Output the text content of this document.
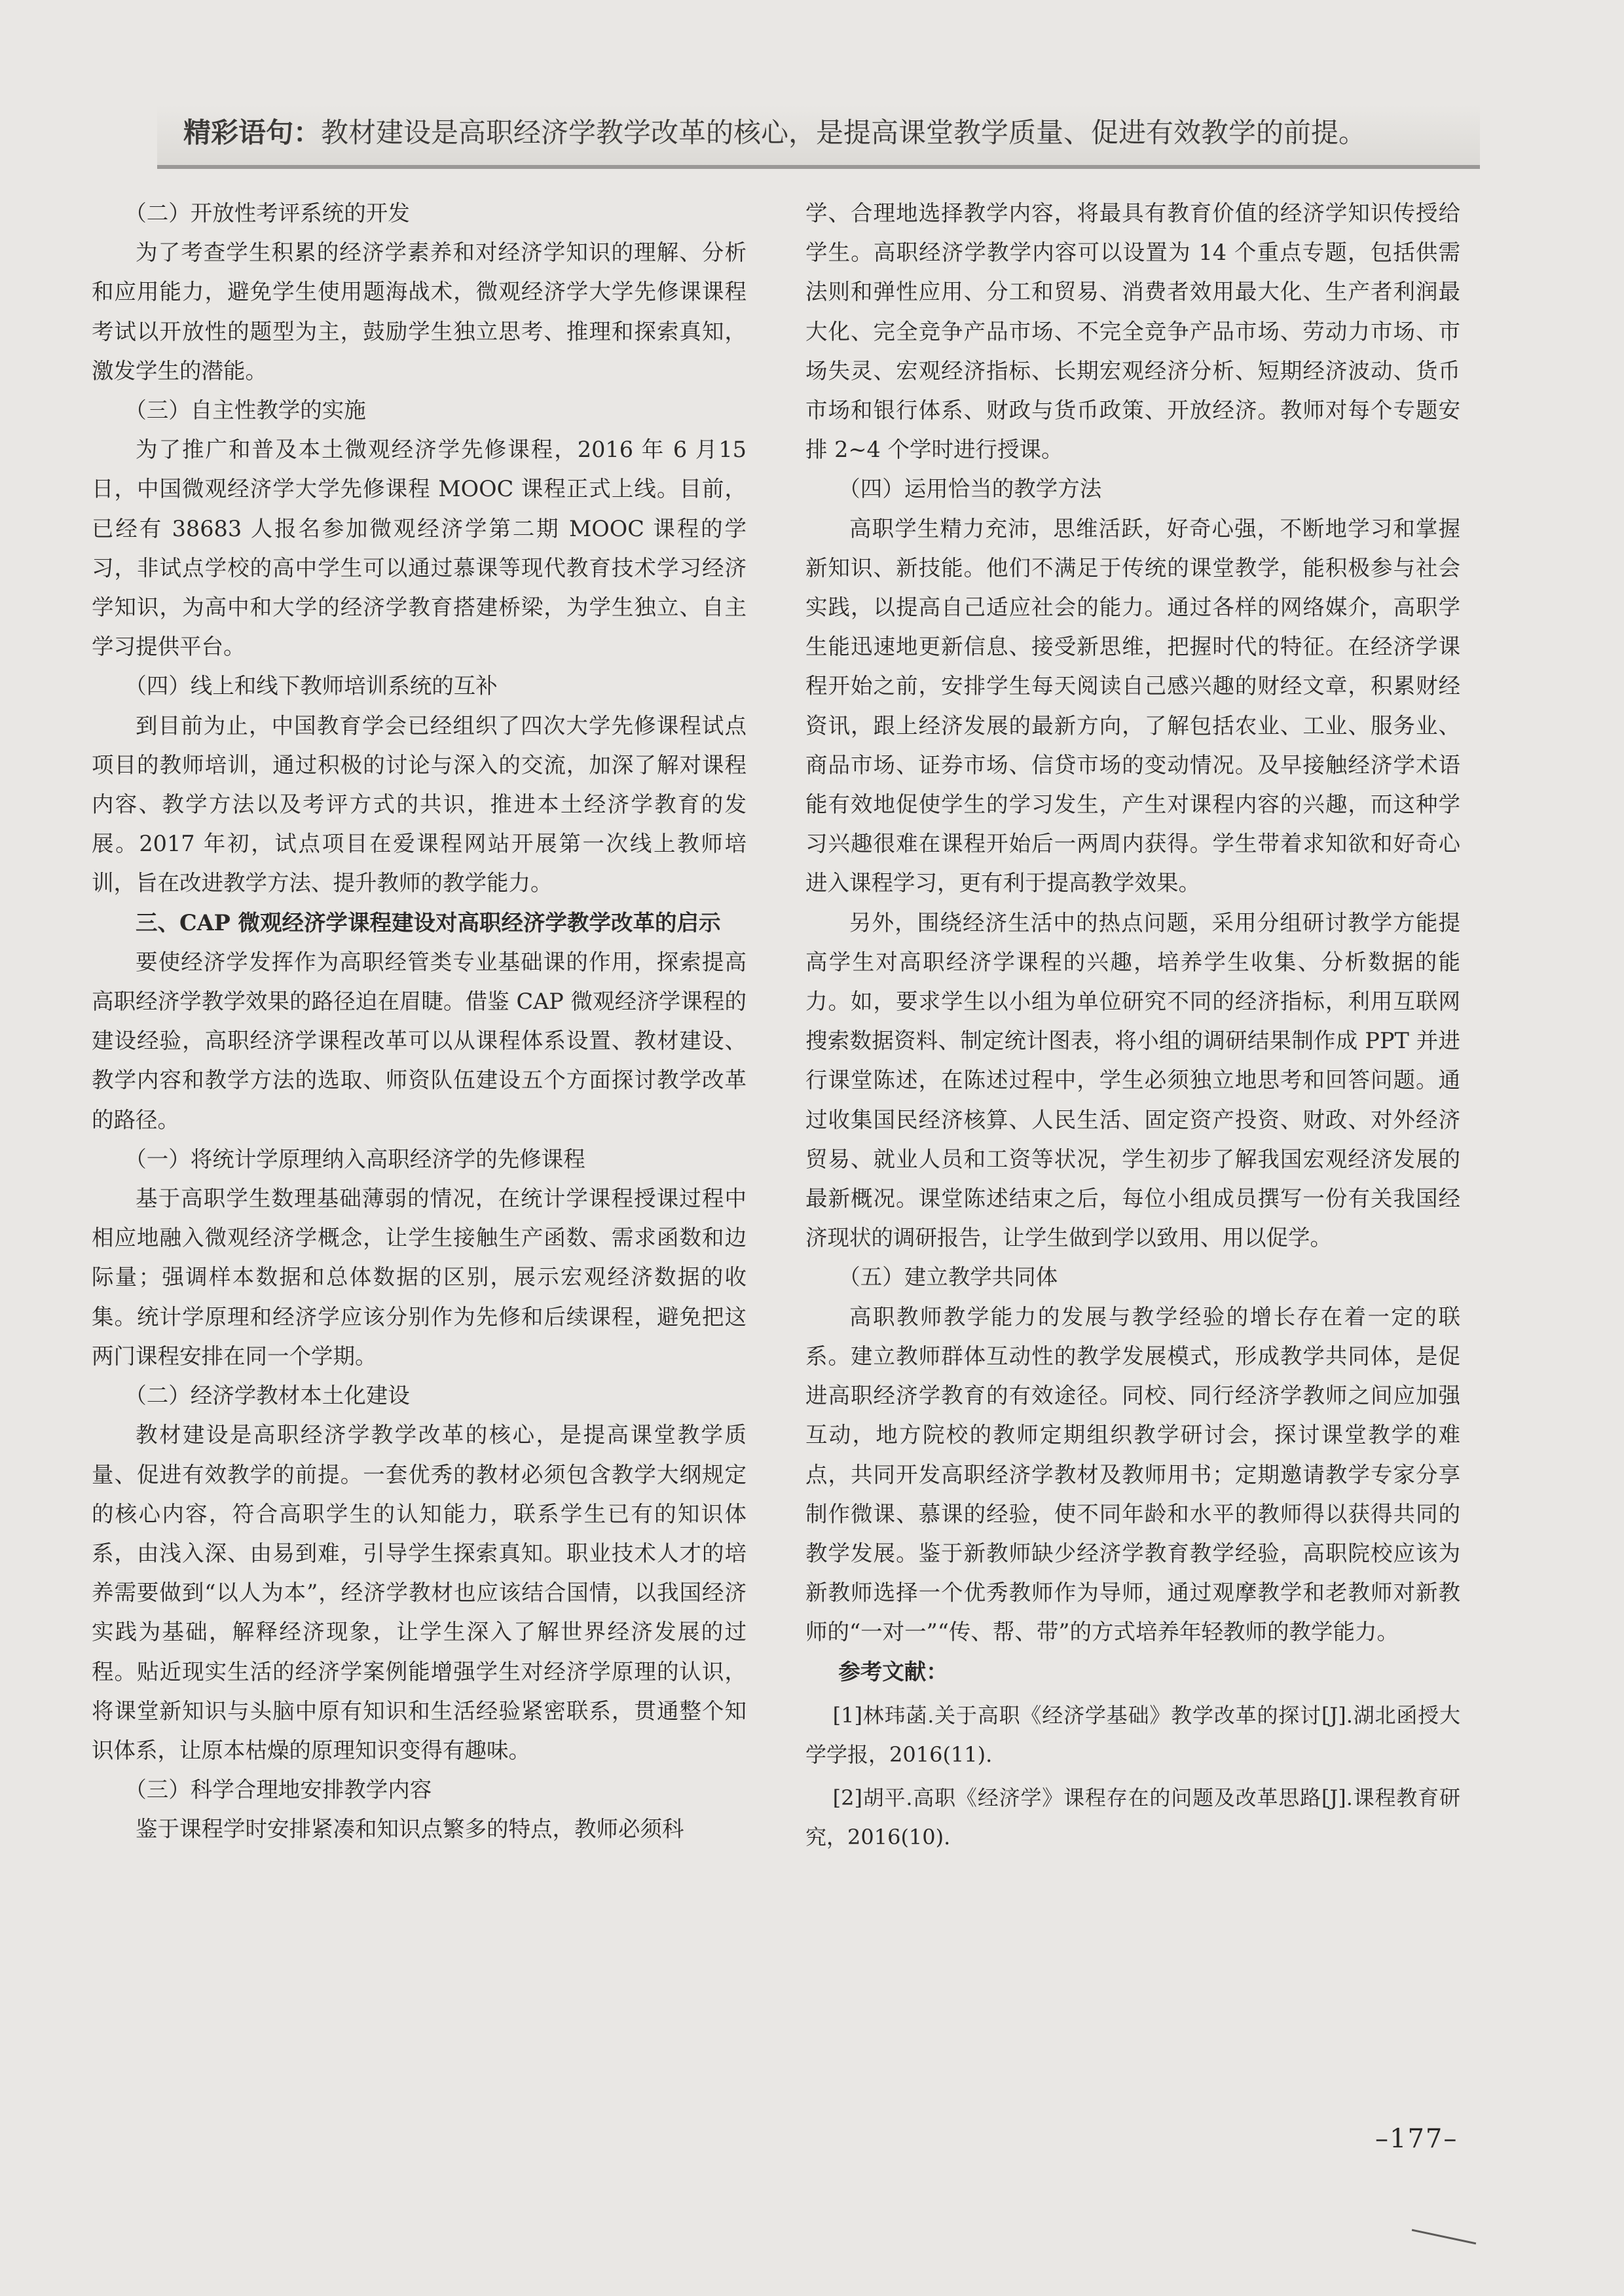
精彩语句：教材建设是高职经济学教学改革的核心，是提高课堂教学质量、促进有效教学的前提。

（二）开放性考评系统的开发

为了考查学生积累的经济学素养和对经济学知识的理解、分析和应用能力，避免学生使用题海战术，微观经济学大学先修课课程考试以开放性的题型为主，鼓励学生独立思考、推理和探索真知，激发学生的潜能。

（三）自主性教学的实施

为了推广和普及本土微观经济学先修课程，2016 年 6 月15 日，中国微观经济学大学先修课程 MOOC 课程正式上线。目前，已经有 38683 人报名参加微观经济学第二期 MOOC 课程的学习，非试点学校的高中学生可以通过慕课等现代教育技术学习经济学知识，为高中和大学的经济学教育搭建桥梁，为学生独立、自主学习提供平台。

（四）线上和线下教师培训系统的互补

到目前为止，中国教育学会已经组织了四次大学先修课程试点项目的教师培训，通过积极的讨论与深入的交流，加深了解对课程内容、教学方法以及考评方式的共识，推进本土经济学教育的发展。2017 年初，试点项目在爱课程网站开展第一次线上教师培训，旨在改进教学方法、提升教师的教学能力。

三、CAP 微观经济学课程建设对高职经济学教学改革的启示

要使经济学发挥作为高职经管类专业基础课的作用，探索提高高职经济学教学效果的路径迫在眉睫。借鉴 CAP 微观经济学课程的建设经验，高职经济学课程改革可以从课程体系设置、教材建设、教学内容和教学方法的选取、师资队伍建设五个方面探讨教学改革的路径。

（一）将统计学原理纳入高职经济学的先修课程

基于高职学生数理基础薄弱的情况，在统计学课程授课过程中相应地融入微观经济学概念，让学生接触生产函数、需求函数和边际量；强调样本数据和总体数据的区别，展示宏观经济数据的收集。统计学原理和经济学应该分别作为先修和后续课程，避免把这两门课程安排在同一个学期。

（二）经济学教材本土化建设

教材建设是高职经济学教学改革的核心，是提高课堂教学质量、促进有效教学的前提。一套优秀的教材必须包含教学大纲规定的核心内容，符合高职学生的认知能力，联系学生已有的知识体系，由浅入深、由易到难，引导学生探索真知。职业技术人才的培养需要做到“以人为本”，经济学教材也应该结合国情，以我国经济实践为基础，解释经济现象，让学生深入了解世界经济发展的过程。贴近现实生活的经济学案例能增强学生对经济学原理的认识，将课堂新知识与头脑中原有知识和生活经验紧密联系，贯通整个知识体系，让原本枯燥的原理知识变得有趣味。

（三）科学合理地安排教学内容

鉴于课程学时安排紧凑和知识点繁多的特点，教师必须科

学、合理地选择教学内容，将最具有教育价值的经济学知识传授给学生。高职经济学教学内容可以设置为 14 个重点专题，包括供需法则和弹性应用、分工和贸易、消费者效用最大化、生产者利润最大化、完全竞争产品市场、不完全竞争产品市场、劳动力市场、市场失灵、宏观经济指标、长期宏观经济分析、短期经济波动、货币市场和银行体系、财政与货币政策、开放经济。教师对每个专题安排 2~4 个学时进行授课。

（四）运用恰当的教学方法

高职学生精力充沛，思维活跃，好奇心强，不断地学习和掌握新知识、新技能。他们不满足于传统的课堂教学，能积极参与社会实践，以提高自己适应社会的能力。通过各样的网络媒介，高职学生能迅速地更新信息、接受新思维，把握时代的特征。在经济学课程开始之前，安排学生每天阅读自己感兴趣的财经文章，积累财经资讯，跟上经济发展的最新方向，了解包括农业、工业、服务业、商品市场、证券市场、信贷市场的变动情况。及早接触经济学术语能有效地促使学生的学习发生，产生对课程内容的兴趣，而这种学习兴趣很难在课程开始后一两周内获得。学生带着求知欲和好奇心进入课程学习，更有利于提高教学效果。

另外，围绕经济生活中的热点问题，采用分组研讨教学方能提高学生对高职经济学课程的兴趣，培养学生收集、分析数据的能力。如，要求学生以小组为单位研究不同的经济指标，利用互联网搜索数据资料、制定统计图表，将小组的调研结果制作成 PPT 并进行课堂陈述，在陈述过程中，学生必须独立地思考和回答问题。通过收集国民经济核算、人民生活、固定资产投资、财政、对外经济贸易、就业人员和工资等状况，学生初步了解我国宏观经济发展的最新概况。课堂陈述结束之后，每位小组成员撰写一份有关我国经济现状的调研报告，让学生做到学以致用、用以促学。

（五）建立教学共同体

高职教师教学能力的发展与教学经验的增长存在着一定的联系。建立教师群体互动性的教学发展模式，形成教学共同体，是促进高职经济学教育的有效途径。同校、同行经济学教师之间应加强互动，地方院校的教师定期组织教学研讨会，探讨课堂教学的难点，共同开发高职经济学教材及教师用书；定期邀请教学专家分享制作微课、慕课的经验，使不同年龄和水平的教师得以获得共同的教学发展。鉴于新教师缺少经济学教育教学经验，高职院校应该为新教师选择一个优秀教师作为导师，通过观摩教学和老教师对新教师的“一对一”“传、帮、带”的方式培养年轻教师的教学能力。

参考文献：

[1]林玮菡.关于高职《经济学基础》教学改革的探讨[J].湖北函授大学学报，2016(11).

[2]胡平.高职《经济学》课程存在的问题及改革思路[J].课程教育研究，2016(10).

–177–
